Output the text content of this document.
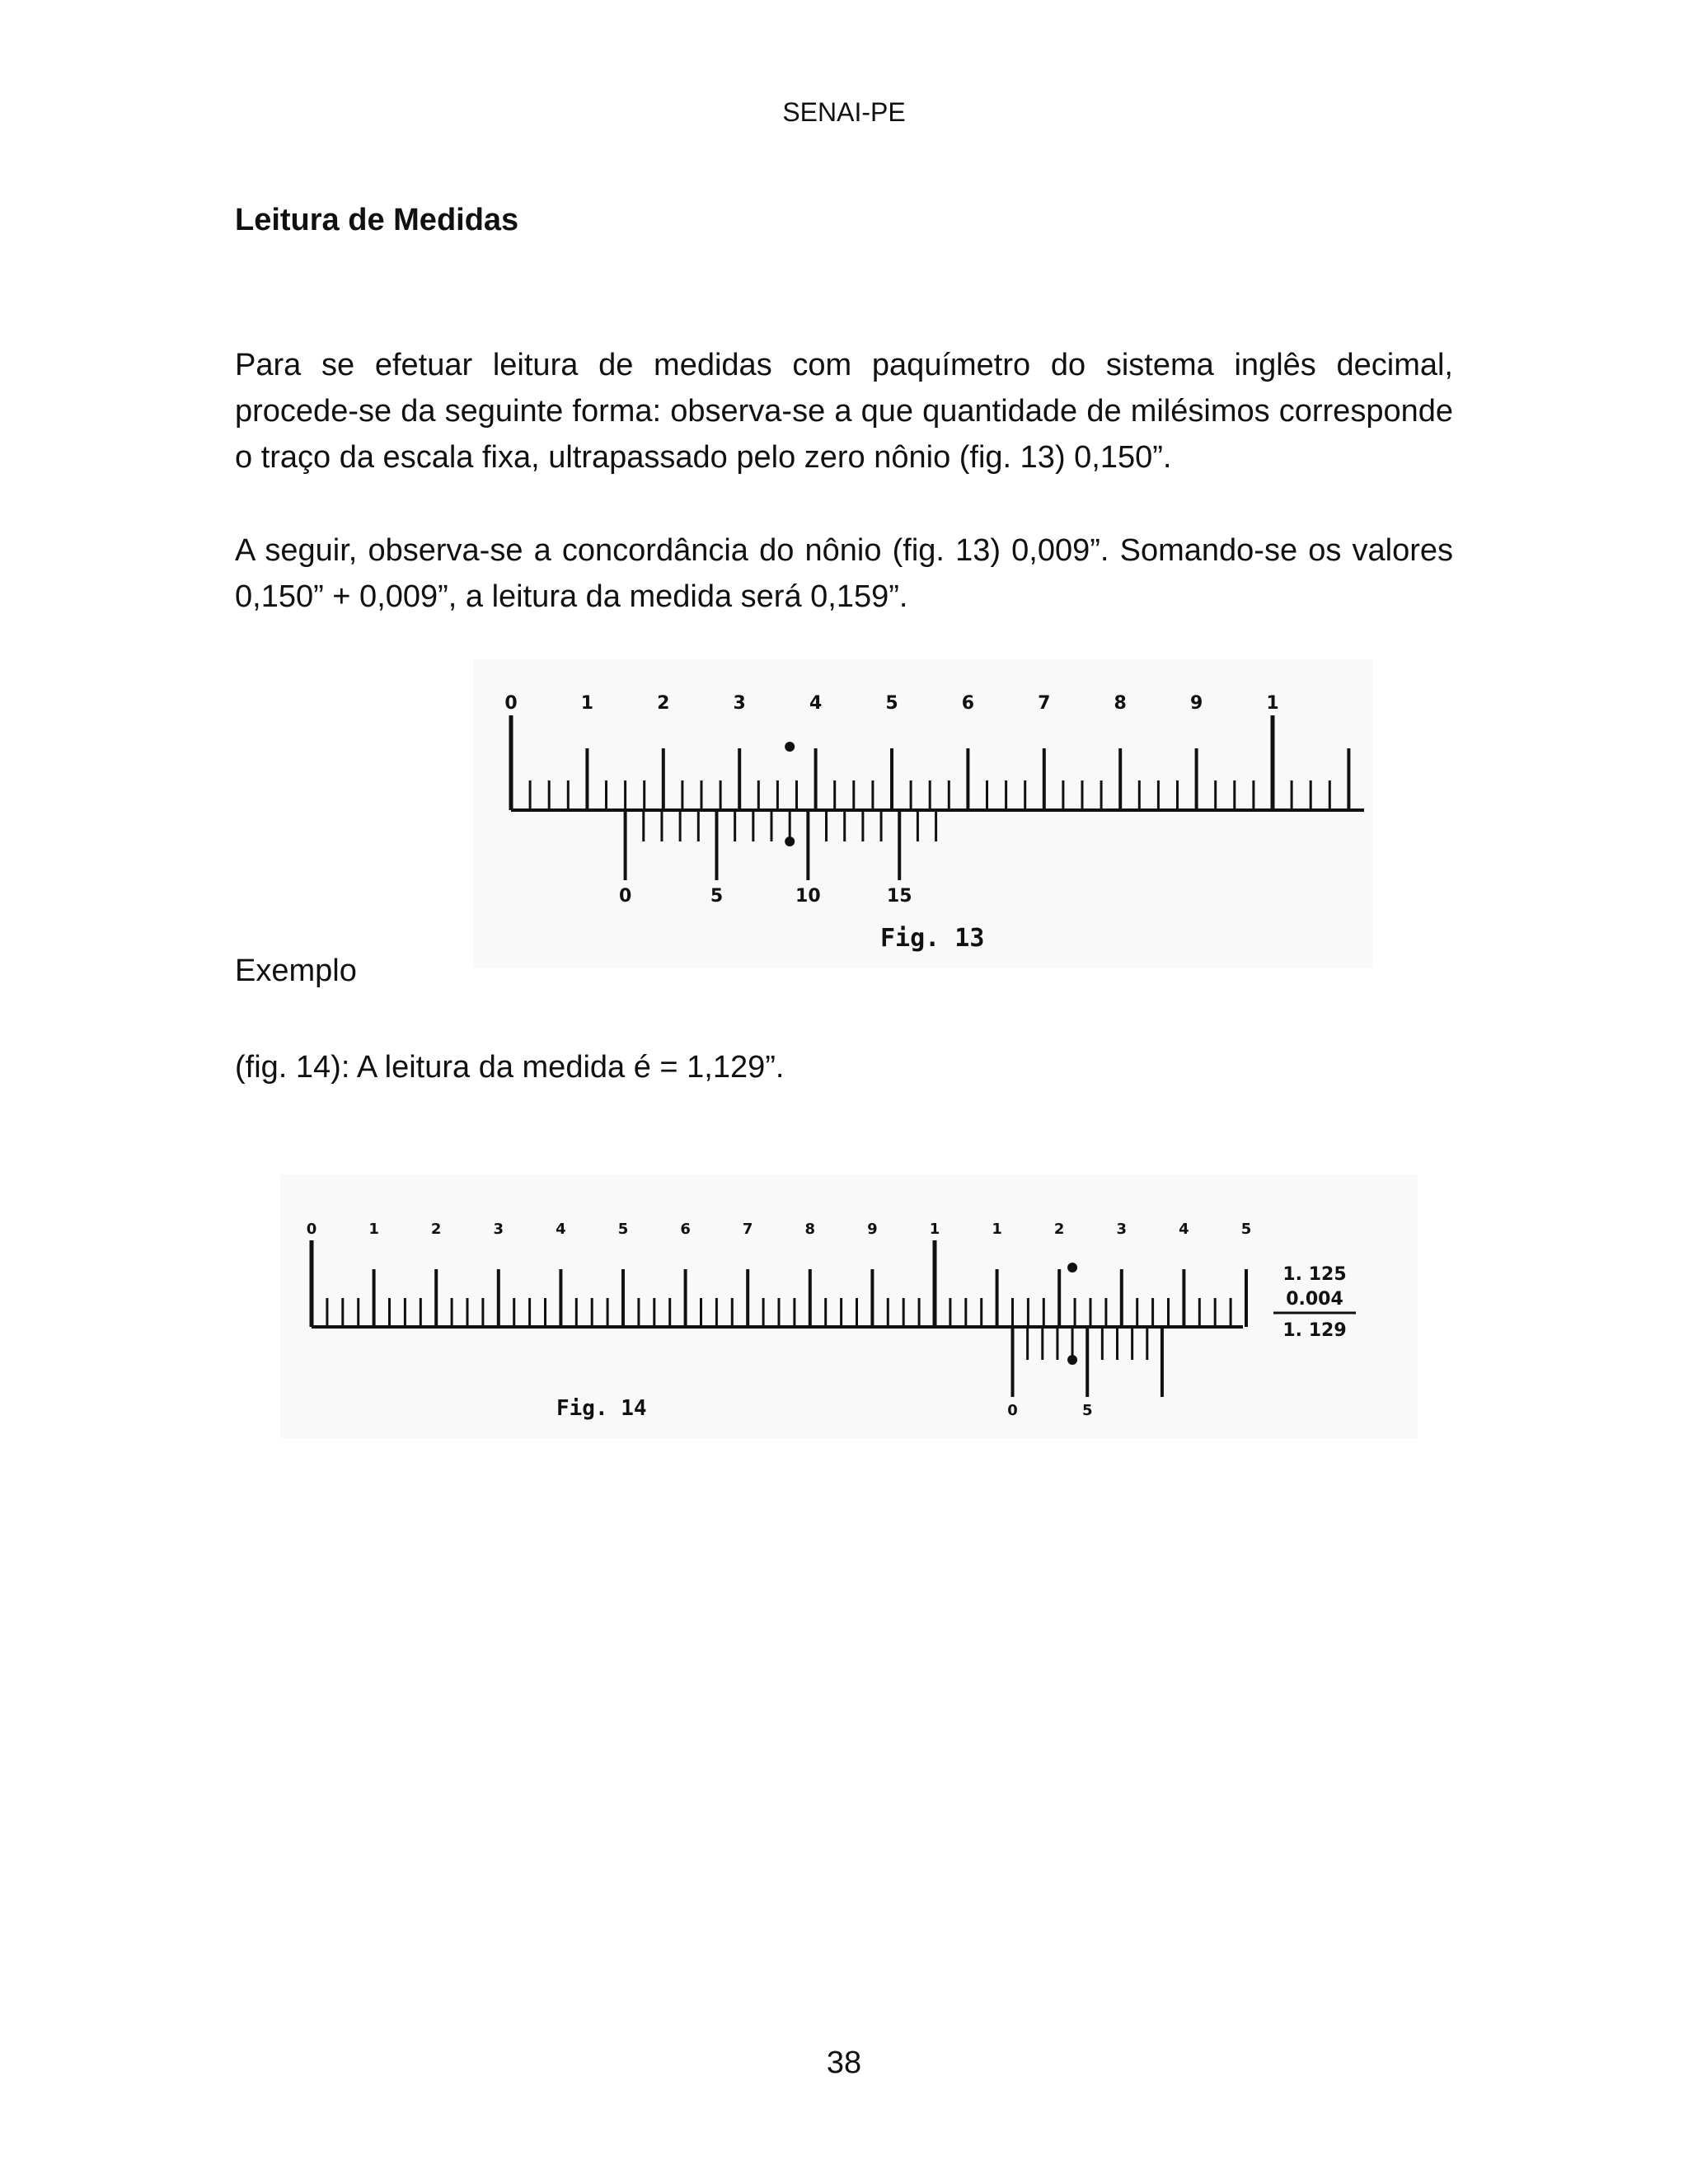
SENAI-PE
Leitura de Medidas

Para se efetuar leitura de medidas com paquímetro do sistema inglês decimal, procede-se da seguinte forma: observa-se a que quantidade de milésimos corresponde o traço da escala fixa, ultrapassado pelo zero nônio (fig. 13) 0,150”.

A seguir, observa-se a concordância do nônio (fig. 13) 0,009”. Somando-se os valores 0,150” + 0,009”, a leitura da medida será 0,159”.

0	1	2	3	4	5	6	7	8	9	1
0	5	10	15
Fig. 13
Exemplo
(fig. 14): A leitura da medida é = 1,129”.
0	1	2	3	4	5	6	7	8	9	1	1	2	3	4	5
0	5
Fig. 14
1. 125
0.004
1. 129
38
